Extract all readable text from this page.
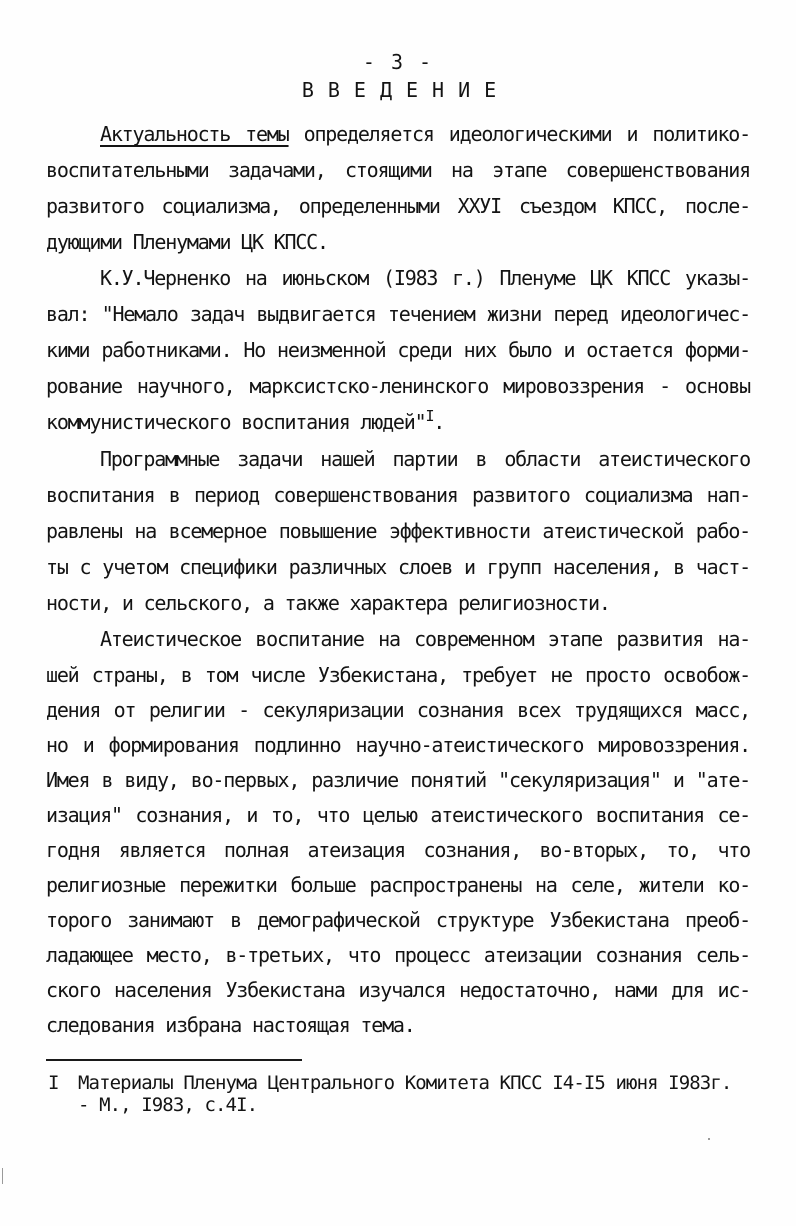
- 3 -
ВВЕДЕНИЕ
Актуальность темы определяется идеологическими и политико-
воспитательными задачами, стоящими на этапе совершенствования
развитого социализма, определенными ХХУI съездом КПСС, после-
дующими Пленумами ЦК КПСС.
К.У.Черненко на июньском (I983 г.) Пленуме ЦК КПСС указы-
вал: "Немало задач выдвигается течением жизни перед идеологичес-
кими работниками. Но неизменной среди них было и остается форми-
рование научного, марксистско-ленинского мировоззрения - основы
коммунистического воспитания людей"$^I$.
Программные задачи нашей партии в области атеистического
воспитания в период совершенствования развитого социализма нап-
равлены на всемерное повышение эффективности атеистической рабо-
ты с учетом специфики различных слоев и групп населения, в част-
ности, и сельского, а также характера религиозности.
Атеистическое воспитание на современном этапе развития на-
шей страны, в том числе Узбекистана, требует не просто освобож-
дения от религии - секуляризации сознания всех трудящихся масс,
но и формирования подлинно научно-атеистического мировоззрения.
Имея в виду, во-первых, различие понятий "секуляризация" и "ате-
изация" сознания, и то, что целью атеистического воспитания се-
годня является полная атеизация сознания, во-вторых, то, что
религиозные пережитки больше распространены на селе, жители ко-
торого занимают в демографической структуре Узбекистана преоб-
ладающее место, в-третьих, что процесс атеизации сознания сель-
ского населения Узбекистана изучался недостаточно, нами для ис-
следования избрана настоящая тема.
I Материалы Пленума Центрального Комитета КПСС I4-I5 июня I983г.
- М., I983, с.4I.
